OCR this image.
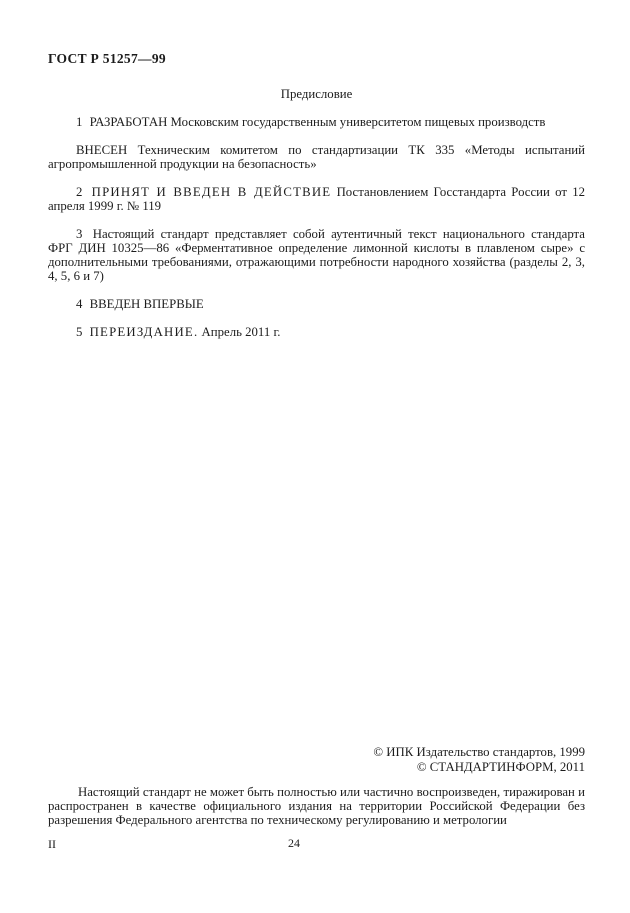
ГОСТ Р 51257—99
Предисловие

1 РАЗРАБОТАН Московским государственным университетом пищевых производств

ВНЕСЕН Техническим комитетом по стандартизации ТК 335 «Методы испытаний агропромышленной продукции на безопасность»

2 ПРИНЯТ И ВВЕДЕН В ДЕЙСТВИЕ Постановлением Госстандарта России от 12 апреля 1999 г. № 119

3 Настоящий стандарт представляет собой аутентичный текст национального стандарта ФРГ ДИН 10325—86 «Ферментативное определение лимонной кислоты в плавленом сыре» с дополнительными требованиями, отражающими потребности народного хозяйства (разделы 2, 3, 4, 5, 6 и 7)

4 ВВЕДЕН ВПЕРВЫЕ

5 ПЕРЕИЗДАНИЕ. Апрель 2011 г.

© ИПК Издательство стандартов, 1999
© СТАНДАРТИНФОРМ, 2011

Настоящий стандарт не может быть полностью или частично воспроизведен, тиражирован и распространен в качестве официального издания на территории Российской Федерации без разрешения Федерального агентства по техническому регулированию и метрологии

II	24
